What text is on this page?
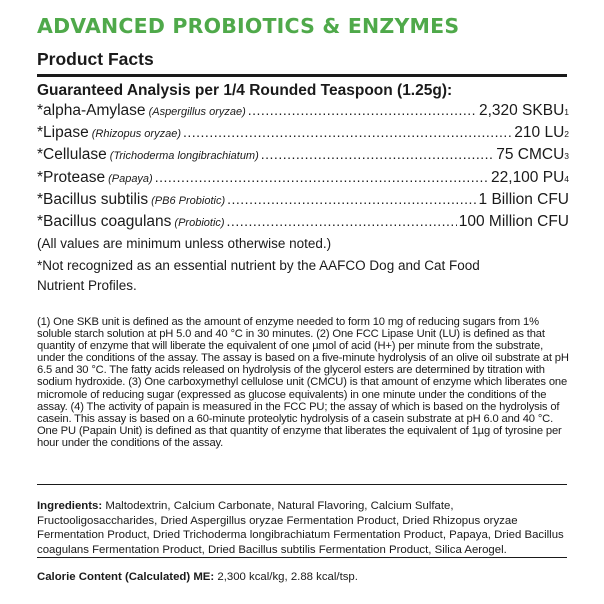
ADVANCED PROBIOTICS & ENZYMES
Product Facts
Guaranteed Analysis per 1/4 Rounded Teaspoon (1.25g):
*alpha-Amylase (Aspergillus oryzae) .....	2,320 SKBU 1
*Lipase (Rhizopus oryzae) .....	210 LU 2
*Cellulase (Trichoderma longibrachiatum) .....	75 CMCU 3
*Protease (Papaya) .....	22,100 PU 4
*Bacillus subtilis (PB6 Probiotic) .....	1 Billion CFU
*Bacillus coagulans (Probiotic) .....	100 Million CFU
(All values are minimum unless otherwise noted.)
*Not recognized as an essential nutrient by the AAFCO Dog and Cat Food Nutrient Profiles.
(1) One SKB unit is defined as the amount of enzyme needed to form 10 mg of reducing sugars from 1% soluble starch solution at pH 5.0 and 40 °C in 30 minutes. (2) One FCC Lipase Unit (LU) is defined as that quantity of enzyme that will liberate the equivalent of one µmol of acid (H+) per minute from the substrate, under the conditions of the assay. The assay is based on a five-minute hydrolysis of an olive oil substrate at pH 6.5 and 30 °C. The fatty acids released on hydrolysis of the glycerol esters are determined by titration with sodium hydroxide. (3) One carboxymethyl cellulose unit (CMCU) is that amount of enzyme which liberates one micromole of reducing sugar (expressed as glucose equivalents) in one minute under the conditions of the assay. (4) The activity of papain is measured in the FCC PU; the assay of which is based on the hydrolysis of casein. This assay is based on a 60-minute proteolytic hydrolysis of a casein substrate at pH 6.0 and 40 °C. One PU (Papain Unit) is defined as that quantity of enzyme that liberates the equivalent of 1µg of tyrosine per hour under the conditions of the assay.
Ingredients: Maltodextrin, Calcium Carbonate, Natural Flavoring, Calcium Sulfate, Fructooligosaccharides, Dried Aspergillus oryzae Fermentation Product, Dried Rhizopus oryzae Fermentation Product, Dried Trichoderma longibrachiatum Fermentation Product, Papaya, Dried Bacillus coagulans Fermentation Product, Dried Bacillus subtilis Fermentation Product, Silica Aerogel.
Calorie Content (Calculated) ME: 2,300 kcal/kg, 2.88 kcal/tsp.
